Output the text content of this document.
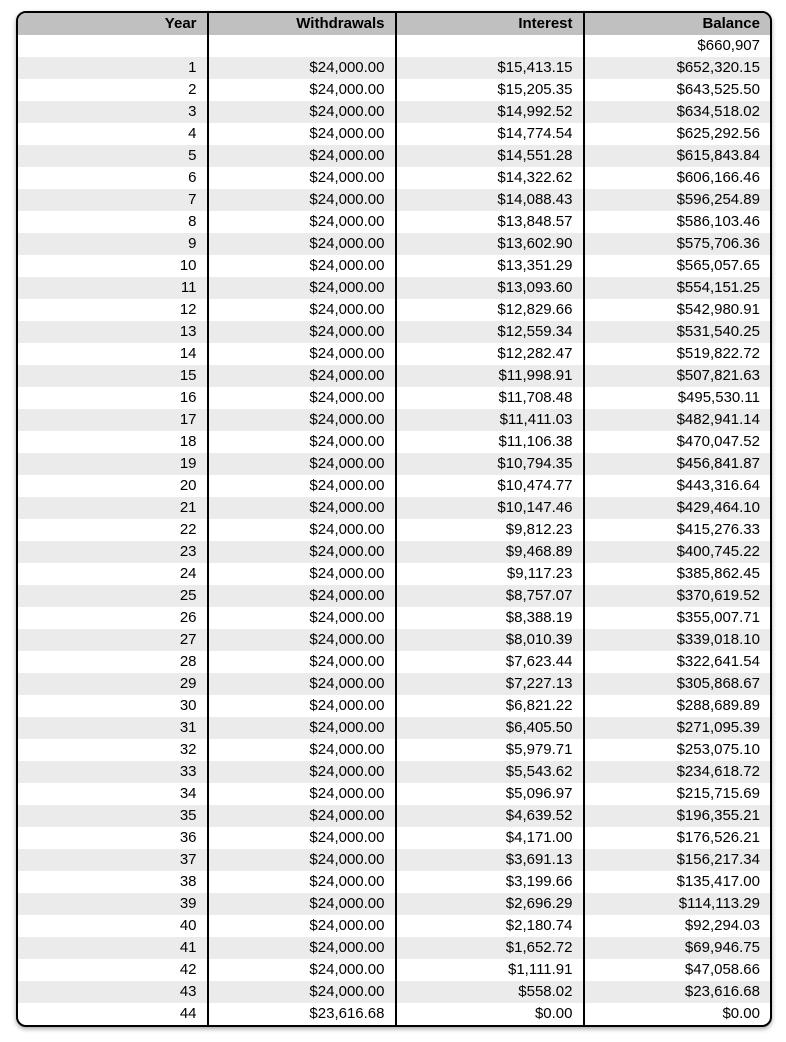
Year	Withdrawals	Interest	Balance
			$660,907
1	$24,000.00	$15,413.15	$652,320.15
2	$24,000.00	$15,205.35	$643,525.50
3	$24,000.00	$14,992.52	$634,518.02
4	$24,000.00	$14,774.54	$625,292.56
5	$24,000.00	$14,551.28	$615,843.84
6	$24,000.00	$14,322.62	$606,166.46
7	$24,000.00	$14,088.43	$596,254.89
8	$24,000.00	$13,848.57	$586,103.46
9	$24,000.00	$13,602.90	$575,706.36
10	$24,000.00	$13,351.29	$565,057.65
11	$24,000.00	$13,093.60	$554,151.25
12	$24,000.00	$12,829.66	$542,980.91
13	$24,000.00	$12,559.34	$531,540.25
14	$24,000.00	$12,282.47	$519,822.72
15	$24,000.00	$11,998.91	$507,821.63
16	$24,000.00	$11,708.48	$495,530.11
17	$24,000.00	$11,411.03	$482,941.14
18	$24,000.00	$11,106.38	$470,047.52
19	$24,000.00	$10,794.35	$456,841.87
20	$24,000.00	$10,474.77	$443,316.64
21	$24,000.00	$10,147.46	$429,464.10
22	$24,000.00	$9,812.23	$415,276.33
23	$24,000.00	$9,468.89	$400,745.22
24	$24,000.00	$9,117.23	$385,862.45
25	$24,000.00	$8,757.07	$370,619.52
26	$24,000.00	$8,388.19	$355,007.71
27	$24,000.00	$8,010.39	$339,018.10
28	$24,000.00	$7,623.44	$322,641.54
29	$24,000.00	$7,227.13	$305,868.67
30	$24,000.00	$6,821.22	$288,689.89
31	$24,000.00	$6,405.50	$271,095.39
32	$24,000.00	$5,979.71	$253,075.10
33	$24,000.00	$5,543.62	$234,618.72
34	$24,000.00	$5,096.97	$215,715.69
35	$24,000.00	$4,639.52	$196,355.21
36	$24,000.00	$4,171.00	$176,526.21
37	$24,000.00	$3,691.13	$156,217.34
38	$24,000.00	$3,199.66	$135,417.00
39	$24,000.00	$2,696.29	$114,113.29
40	$24,000.00	$2,180.74	$92,294.03
41	$24,000.00	$1,652.72	$69,946.75
42	$24,000.00	$1,111.91	$47,058.66
43	$24,000.00	$558.02	$23,616.68
44	$23,616.68	$0.00	$0.00
